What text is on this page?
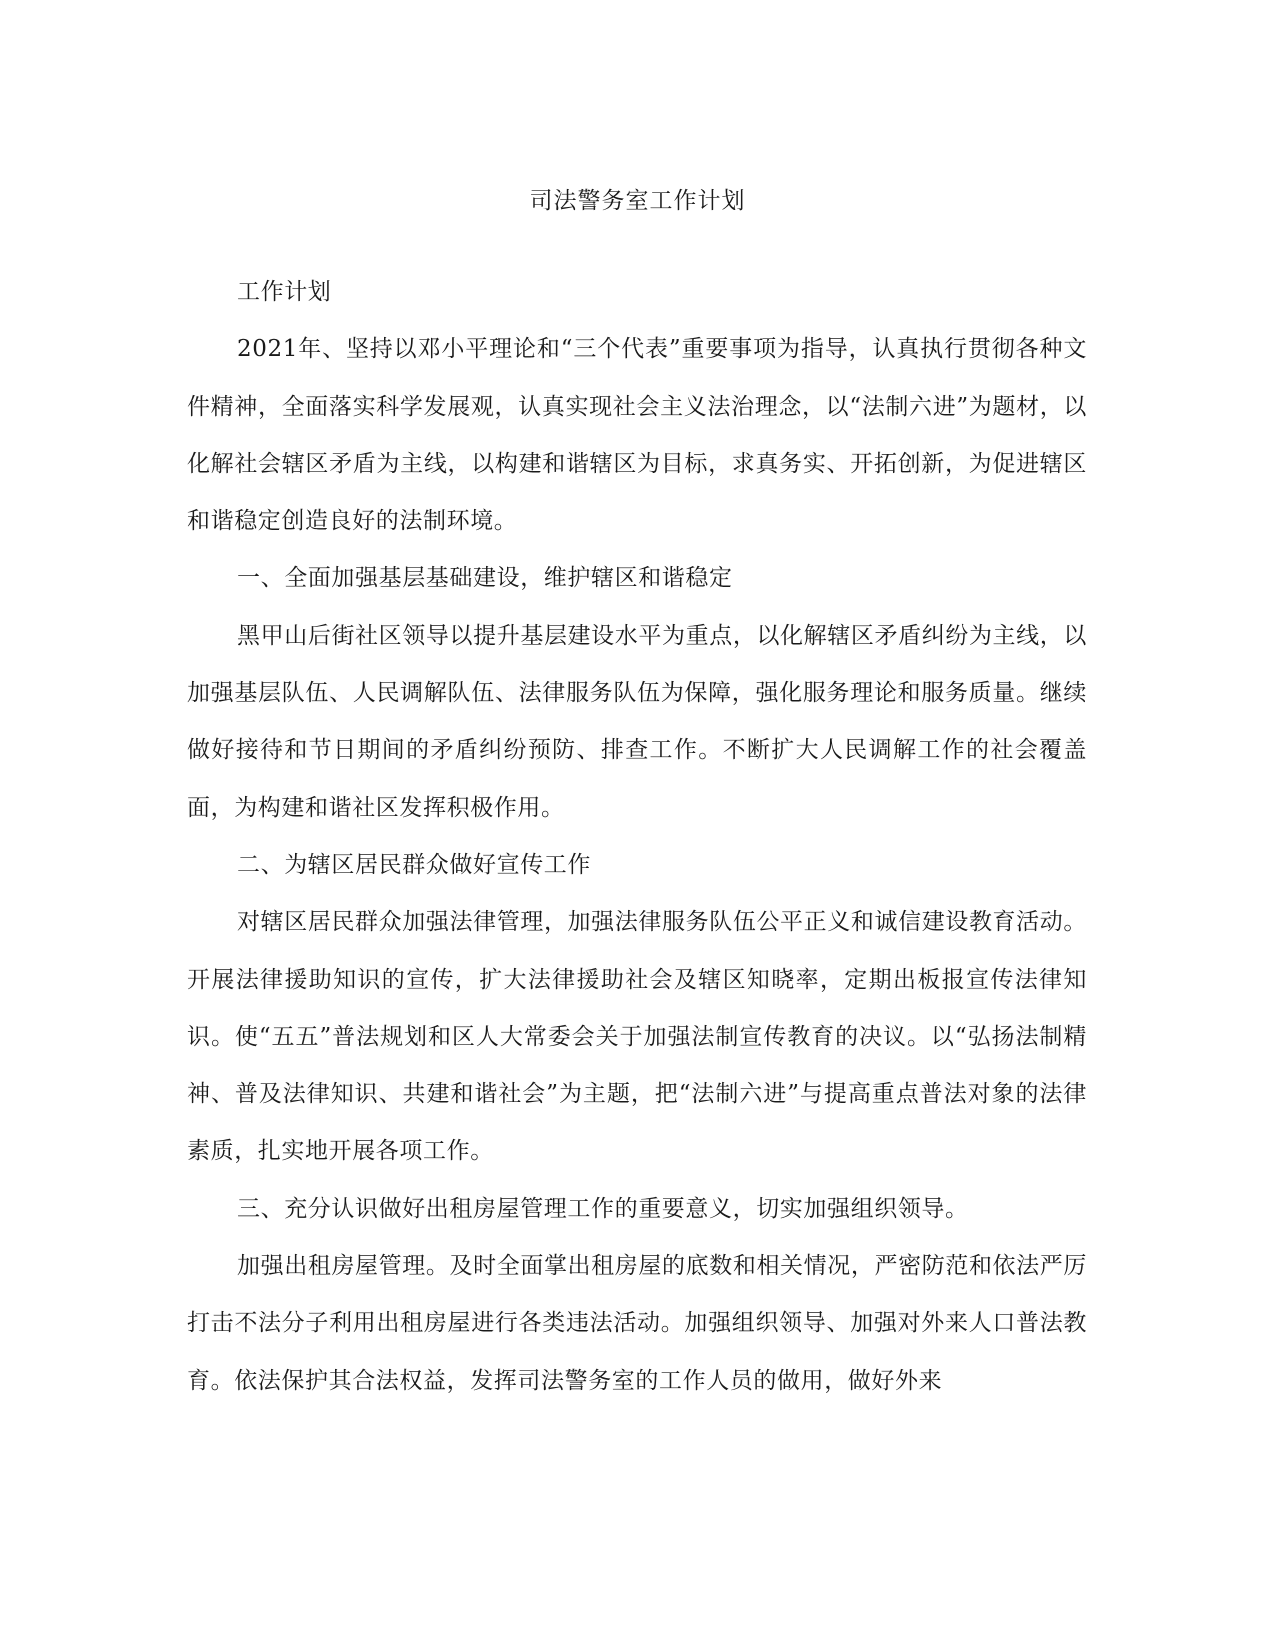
司法警务室工作计划

工作计划

2021年、坚持以邓小平理论和“三个代表”重要事项为指导，认真执行贯彻各种文件精神，全面落实科学发展观，认真实现社会主义法治理念，以“法制六进”为题材，以化解社会辖区矛盾为主线，以构建和谐辖区为目标，求真务实、开拓创新，为促进辖区和谐稳定创造良好的法制环境。

一、全面加强基层基础建设，维护辖区和谐稳定

黑甲山后街社区领导以提升基层建设水平为重点，以化解辖区矛盾纠纷为主线，以加强基层队伍、人民调解队伍、法律服务队伍为保障，强化服务理论和服务质量。继续做好接待和节日期间的矛盾纠纷预防、排查工作。不断扩大人民调解工作的社会覆盖面，为构建和谐社区发挥积极作用。

二、为辖区居民群众做好宣传工作

对辖区居民群众加强法律管理，加强法律服务队伍公平正义和诚信建设教育活动。开展法律援助知识的宣传，扩大法律援助社会及辖区知晓率，定期出板报宣传法律知识。使“五五”普法规划和区人大常委会关于加强法制宣传教育的决议。以“弘扬法制精神、普及法律知识、共建和谐社会”为主题，把“法制六进”与提高重点普法对象的法律素质，扎实地开展各项工作。

三、充分认识做好出租房屋管理工作的重要意义，切实加强组织领导。

加强出租房屋管理。及时全面掌出租房屋的底数和相关情况，严密防范和依法严厉打击不法分子利用出租房屋进行各类违法活动。加强组织领导、加强对外来人口普法教育。依法保护其合法权益，发挥司法警务室的工作人员的做用，做好外来
